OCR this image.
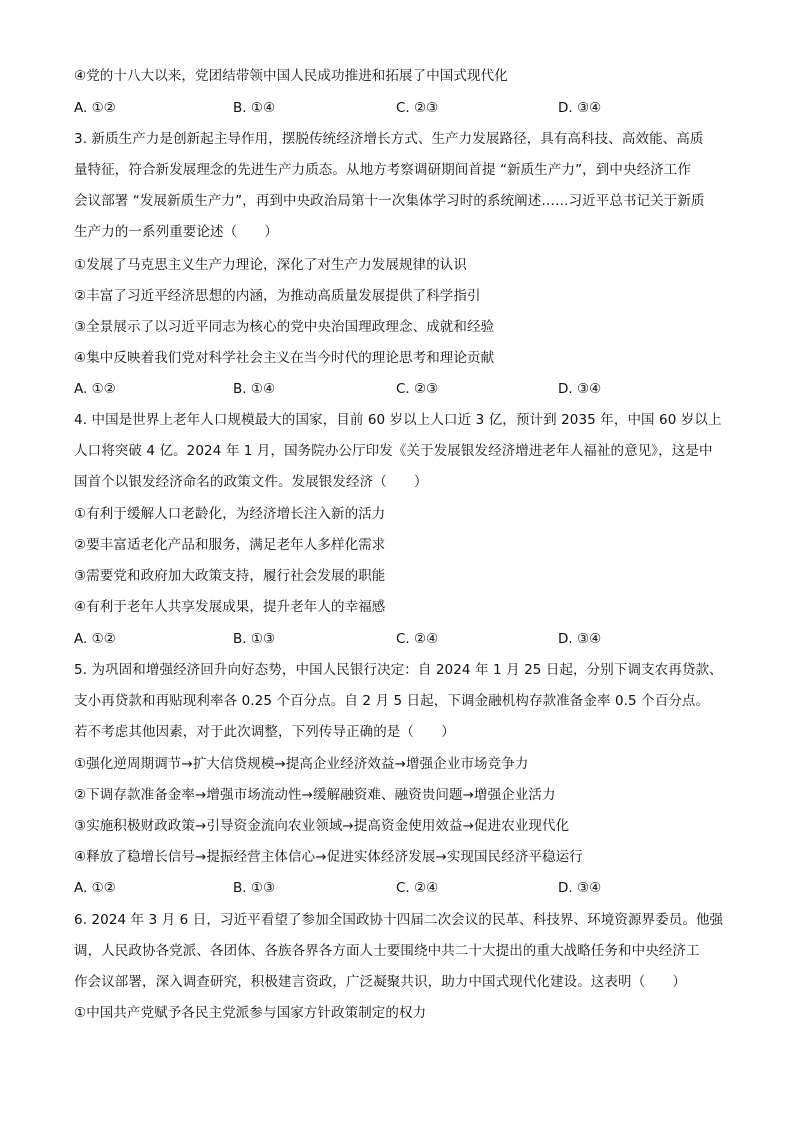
④党的十八大以来，党团结带领中国人民成功推进和拓展了中国式现代化
A. ①②	B. ①④	C. ②③	D. ③④
3. 新质生产力是创新起主导作用，摆脱传统经济增长方式、生产力发展路径，具有高科技、高效能、高质
量特征，符合新发展理念的先进生产力质态。从地方考察调研期间首提 “新质生产力”，到中央经济工作
会议部署 “发展新质生产力”，再到中央政治局第十一次集体学习时的系统阐述……习近平总书记关于新质
生产力的一系列重要论述（　　）
①发展了马克思主义生产力理论，深化了对生产力发展规律的认识
②丰富了习近平经济思想的内涵，为推动高质量发展提供了科学指引
③全景展示了以习近平同志为核心的党中央治国理政理念、成就和经验
④集中反映着我们党对科学社会主义在当今时代的理论思考和理论贡献
A. ①②	B. ①④	C. ②③	D. ③④
4. 中国是世界上老年人口规模最大的国家，目前 60 岁以上人口近 3 亿，预计到 2035 年，中国 60 岁以上
人口将突破 4 亿。2024 年 1 月，国务院办公厅印发《关于发展银发经济增进老年人福祉的意见》，这是中
国首个以银发经济命名的政策文件。发展银发经济（　　）
①有利于缓解人口老龄化，为经济增长注入新的活力
②要丰富适老化产品和服务，满足老年人多样化需求
③需要党和政府加大政策支持，履行社会发展的职能
④有利于老年人共享发展成果，提升老年人的幸福感
A. ①②	B. ①③	C. ②④	D. ③④
5. 为巩固和增强经济回升向好态势，中国人民银行决定：自 2024 年 1 月 25 日起，分别下调支农再贷款、
支小再贷款和再贴现利率各 0.25 个百分点。自 2 月 5 日起，下调金融机构存款准备金率 0.5 个百分点。
若不考虑其他因素，对于此次调整，下列传导正确的是（　　）
①强化逆周期调节→扩大信贷规模→提高企业经济效益→增强企业市场竞争力
②下调存款准备金率→增强市场流动性→缓解融资难、融资贵问题→增强企业活力
③实施积极财政政策→引导资金流向农业领域→提高资金使用效益→促进农业现代化
④释放了稳增长信号→提振经营主体信心→促进实体经济发展→实现国民经济平稳运行
A. ①②	B. ①③	C. ②④	D. ③④
6. 2024 年 3 月 6 日，习近平看望了参加全国政协十四届二次会议的民革、科技界、环境资源界委员。他强
调，人民政协各党派、各团体、各族各界各方面人士要围绕中共二十大提出的重大战略任务和中央经济工
作会议部署，深入调查研究，积极建言资政，广泛凝聚共识，助力中国式现代化建设。这表明（　　）
①中国共产党赋予各民主党派参与国家方针政策制定的权力
